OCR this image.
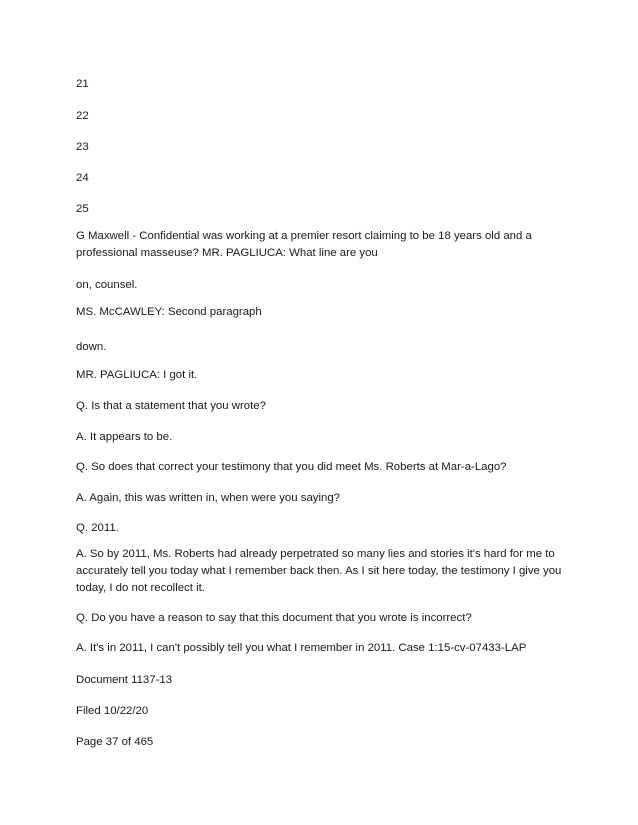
21
22
23
24
25
G Maxwell - Confidential was working at a premier resort claiming to be 18 years old and a professional masseuse? MR. PAGLIUCA: What line are you
on, counsel.
MS. McCAWLEY: Second paragraph
down.
MR. PAGLIUCA: I got it.
Q. Is that a statement that you wrote?
A. It appears to be.
Q. So does that correct your testimony that you did meet Ms. Roberts at Mar-a-Lago?
A. Again, this was written in, when were you saying?
Q. 2011.
A. So by 2011, Ms. Roberts had already perpetrated so many lies and stories it's hard for me to accurately tell you today what I remember back then. As I sit here today, the testimony I give you today, I do not recollect it.
Q. Do you have a reason to say that this document that you wrote is incorrect?
A. It's in 2011, I can't possibly tell you what I remember in 2011. Case 1:15-cv-07433-LAP
Document 1137-13
Filed 10/22/20
Page 37 of 465
